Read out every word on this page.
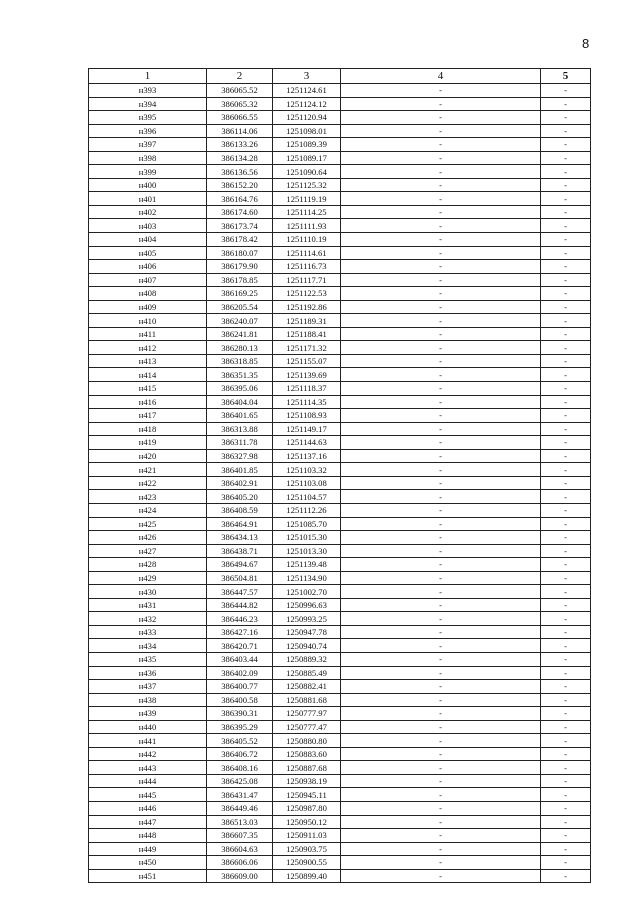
8
1	2	3	4	5
н393	386065.52	1251124.61	-	-
н394	386065.32	1251124.12	-	-
н395	386066.55	1251120.94	-	-
н396	386114.06	1251098.01	-	-
н397	386133.26	1251089.39	-	-
н398	386134.28	1251089.17	-	-
н399	386136.56	1251090.64	-	-
н400	386152.20	1251125.32	-	-
н401	386164.76	1251119.19	-	-
н402	386174.60	1251114.25	-	-
н403	386173.74	1251111.93	-	-
н404	386178.42	1251110.19	-	-
н405	386180.07	1251114.61	-	-
н406	386179.90	1251116.73	-	-
н407	386178.85	1251117.71	-	-
н408	386169.25	1251122.53	-	-
н409	386205.54	1251192.86	-	-
н410	386240.07	1251189.31	-	-
н411	386241.81	1251188.41	-	-
н412	386280.13	1251171.32	-	-
н413	386318.85	1251155.07	-	-
н414	386351.35	1251139.69	-	-
н415	386395.06	1251118.37	-	-
н416	386404.04	1251114.35	-	-
н417	386401.65	1251108.93	-	-
н418	386313.88	1251149.17	-	-
н419	386311.78	1251144.63	-	-
н420	386327.98	1251137.16	-	-
н421	386401.85	1251103.32	-	-
н422	386402.91	1251103.08	-	-
н423	386405.20	1251104.57	-	-
н424	386408.59	1251112.26	-	-
н425	386464.91	1251085.70	-	-
н426	386434.13	1251015.30	-	-
н427	386438.71	1251013.30	-	-
н428	386494.67	1251139.48	-	-
н429	386504.81	1251134.90	-	-
н430	386447.57	1251002.70	-	-
н431	386444.82	1250996.63	-	-
н432	386446.23	1250993.25	-	-
н433	386427.16	1250947.78	-	-
н434	386420.71	1250940.74	-	-
н435	386403.44	1250889.32	-	-
н436	386402.09	1250885.49	-	-
н437	386400.77	1250882.41	-	-
н438	386400.58	1250881.68	-	-
н439	386390.31	1250777.97	-	-
н440	386395.29	1250777.47	-	-
н441	386405.52	1250880.80	-	-
н442	386406.72	1250883.60	-	-
н443	386408.16	1250887.68	-	-
н444	386425.08	1250938.19	-	-
н445	386431.47	1250945.11	-	-
н446	386449.46	1250987.80	-	-
н447	386513.03	1250950.12	-	-
н448	386607.35	1250911.03	-	-
н449	386604.63	1250903.75	-	-
н450	386606.06	1250900.55	-	-
н451	386609.00	1250899.40	-	-
